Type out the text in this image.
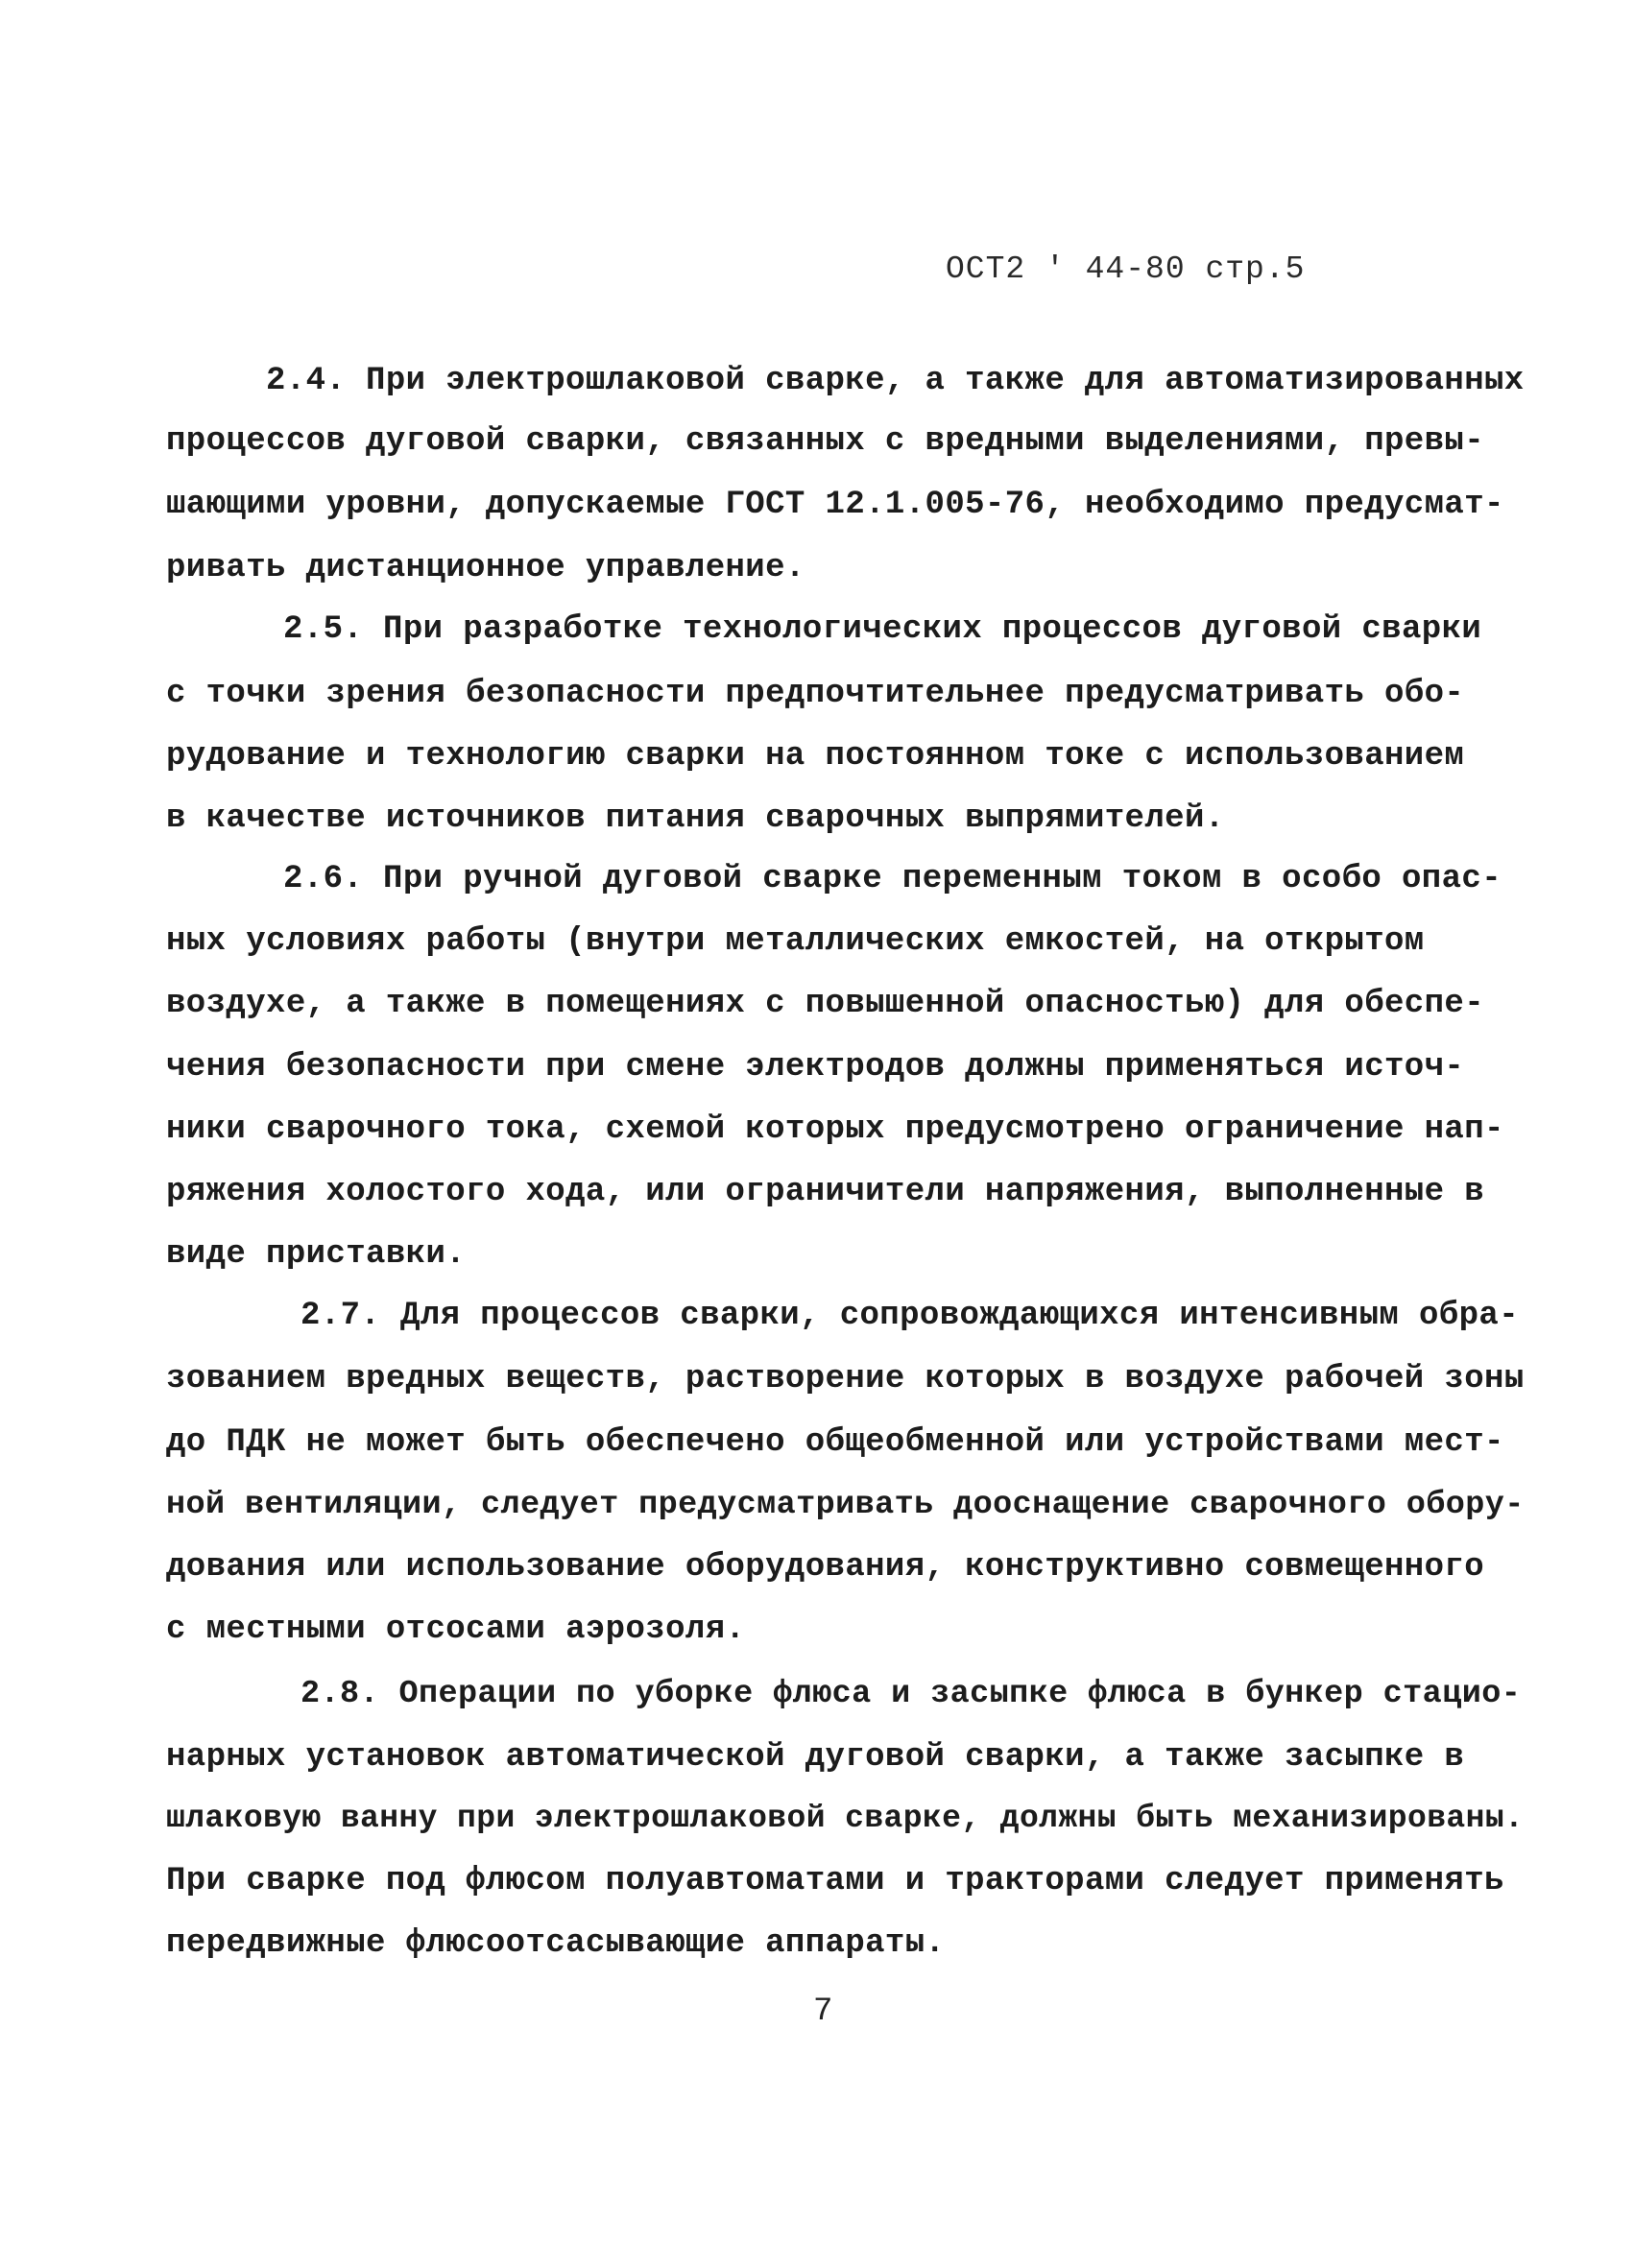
ОСТ2 ' 44-80 стр.5
2.4. При электрошлаковой сварке, а также для автоматизированных
процессов дуговой сварки, связанных с вредными выделениями, превы-
шающими уровни, допускаемые ГОСТ 12.1.005-76, необходимо предусмат-
ривать дистанционное управление.
2.5. При разработке технологических процессов дуговой сварки
с точки зрения безопасности предпочтительнее предусматривать обо-
рудование и технологию сварки на постоянном токе с использованием
в качестве источников питания сварочных выпрямителей.
2.6. При ручной дуговой сварке переменным током в особо опас-
ных условиях работы (внутри металлических емкостей, на открытом
воздухе, а также в помещениях с повышенной опасностью) для обеспе-
чения безопасности при смене электродов должны применяться источ-
ники сварочного тока, схемой которых предусмотрено ограничение нап-
ряжения холостого хода, или ограничители напряжения, выполненные в
виде приставки.
2.7. Для процессов сварки, сопровождающихся интенсивным обра-
зованием вредных веществ, растворение которых в воздухе рабочей зоны
до ПДК не может быть обеспечено общеобменной или устройствами мест-
ной вентиляции, следует предусматривать дооснащение сварочного обору-
дования или использование оборудования, конструктивно совмещенного
с местными отсосами аэрозоля.
2.8. Операции по уборке флюса и засыпке флюса в бункер стацио-
нарных установок автоматической дуговой сварки, а также засыпке в
шлаковую ванну при электрошлаковой сварке, должны быть механизированы.
При сварке под флюсом полуавтоматами и тракторами следует применять
передвижные флюсоотсасывающие аппараты.
7
